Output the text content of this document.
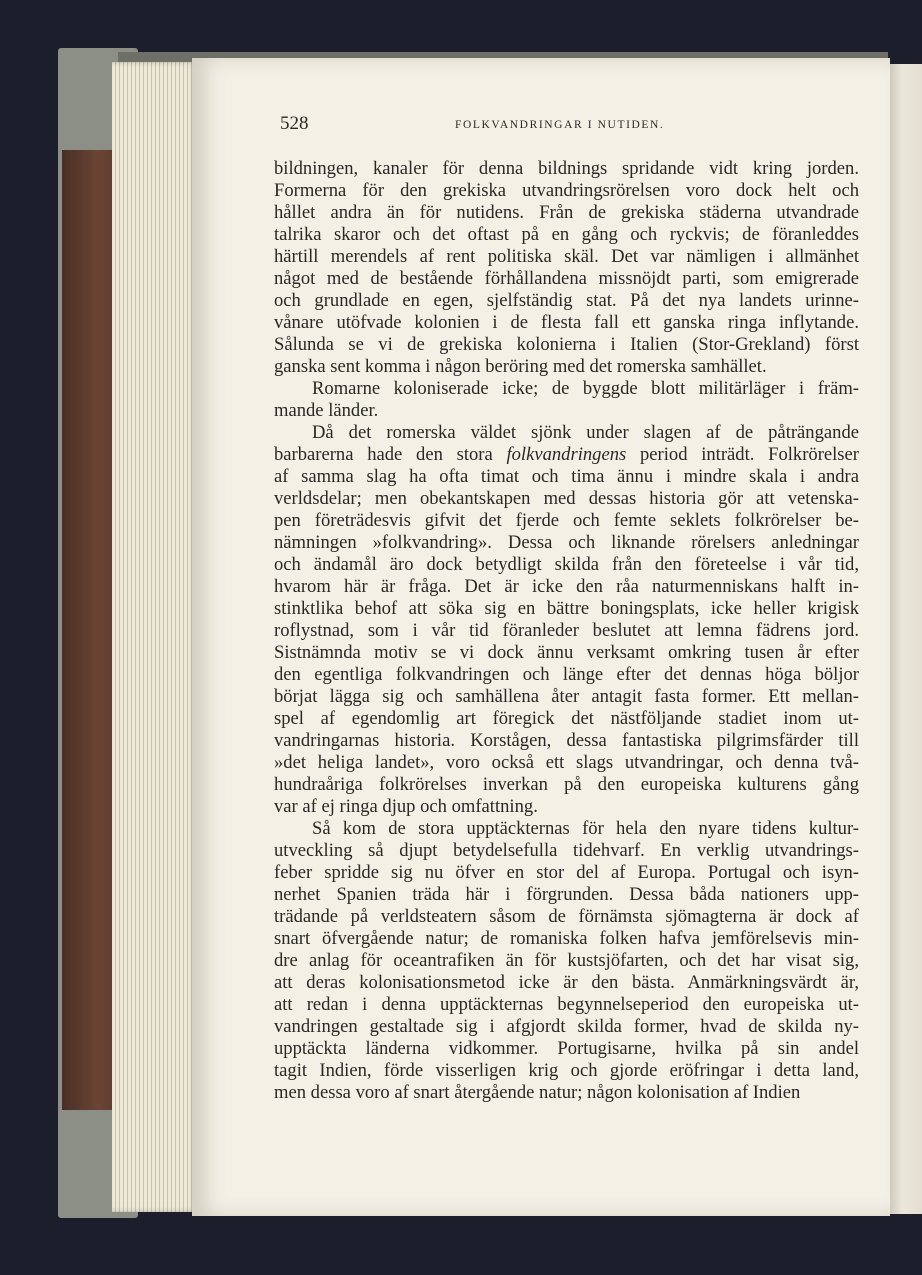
528	FOLKVANDRINGAR I NUTIDEN.
bildningen, kanaler för denna bildnings spridande vidt kring jorden.
Formerna för den grekiska utvandringsrörelsen voro dock helt och
hållet andra än för nutidens. Från de grekiska städerna utvandrade
talrika skaror och det oftast på en gång och ryckvis; de föranleddes
härtill merendels af rent politiska skäl. Det var nämligen i allmänhet
något med de bestående förhållandena missnöjdt parti, som emigrerade
och grundlade en egen, sjelfständig stat. På det nya landets urinne-
vånare utöfvade kolonien i de flesta fall ett ganska ringa inflytande.
Sålunda se vi de grekiska kolonierna i Italien (Stor-Grekland) först
ganska sent komma i någon beröring med det romerska samhället.
Romarne koloniserade icke; de byggde blott militärläger i främ-
mande länder.
Då det romerska väldet sjönk under slagen af de påträngande
barbarerna hade den stora folkvandringens period inträdt. Folkrörelser
af samma slag ha ofta timat och tima ännu i mindre skala i andra
verldsdelar; men obekantskapen med dessas historia gör att vetenska-
pen företrädesvis gifvit det fjerde och femte seklets folkrörelser be-
nämningen »folkvandring». Dessa och liknande rörelsers anledningar
och ändamål äro dock betydligt skilda från den företeelse i vår tid,
hvarom här är fråga. Det är icke den råa naturmenniskans halft in-
stinktlika behof att söka sig en bättre boningsplats, icke heller krigisk
roflystnad, som i vår tid föranleder beslutet att lemna fädrens jord.
Sistnämnda motiv se vi dock ännu verksamt omkring tusen år efter
den egentliga folkvandringen och länge efter det dennas höga böljor
börjat lägga sig och samhällena åter antagit fasta former. Ett mellan-
spel af egendomlig art föregick det nästföljande stadiet inom ut-
vandringarnas historia. Korstågen, dessa fantastiska pilgrimsfärder till
»det heliga landet», voro också ett slags utvandringar, och denna två-
hundraåriga folkrörelses inverkan på den europeiska kulturens gång
var af ej ringa djup och omfattning.
Så kom de stora upptäckternas för hela den nyare tidens kultur-
utveckling så djupt betydelsefulla tidehvarf. En verklig utvandrings-
feber spridde sig nu öfver en stor del af Europa. Portugal och isyn-
nerhet Spanien träda här i förgrunden. Dessa båda nationers upp-
trädande på verldsteatern såsom de förnämsta sjömagterna är dock af
snart öfvergående natur; de romaniska folken hafva jemförelsevis min-
dre anlag för oceantrafiken än för kustsjöfarten, och det har visat sig,
att deras kolonisationsmetod icke är den bästa. Anmärkningsvärdt är,
att redan i denna upptäckternas begynnelseperiod den europeiska ut-
vandringen gestaltade sig i afgjordt skilda former, hvad de skilda ny-
upptäckta länderna vidkommer. Portugisarne, hvilka på sin andel
tagit Indien, förde visserligen krig och gjorde eröfringar i detta land,
men dessa voro af snart återgående natur; någon kolonisation af Indien
